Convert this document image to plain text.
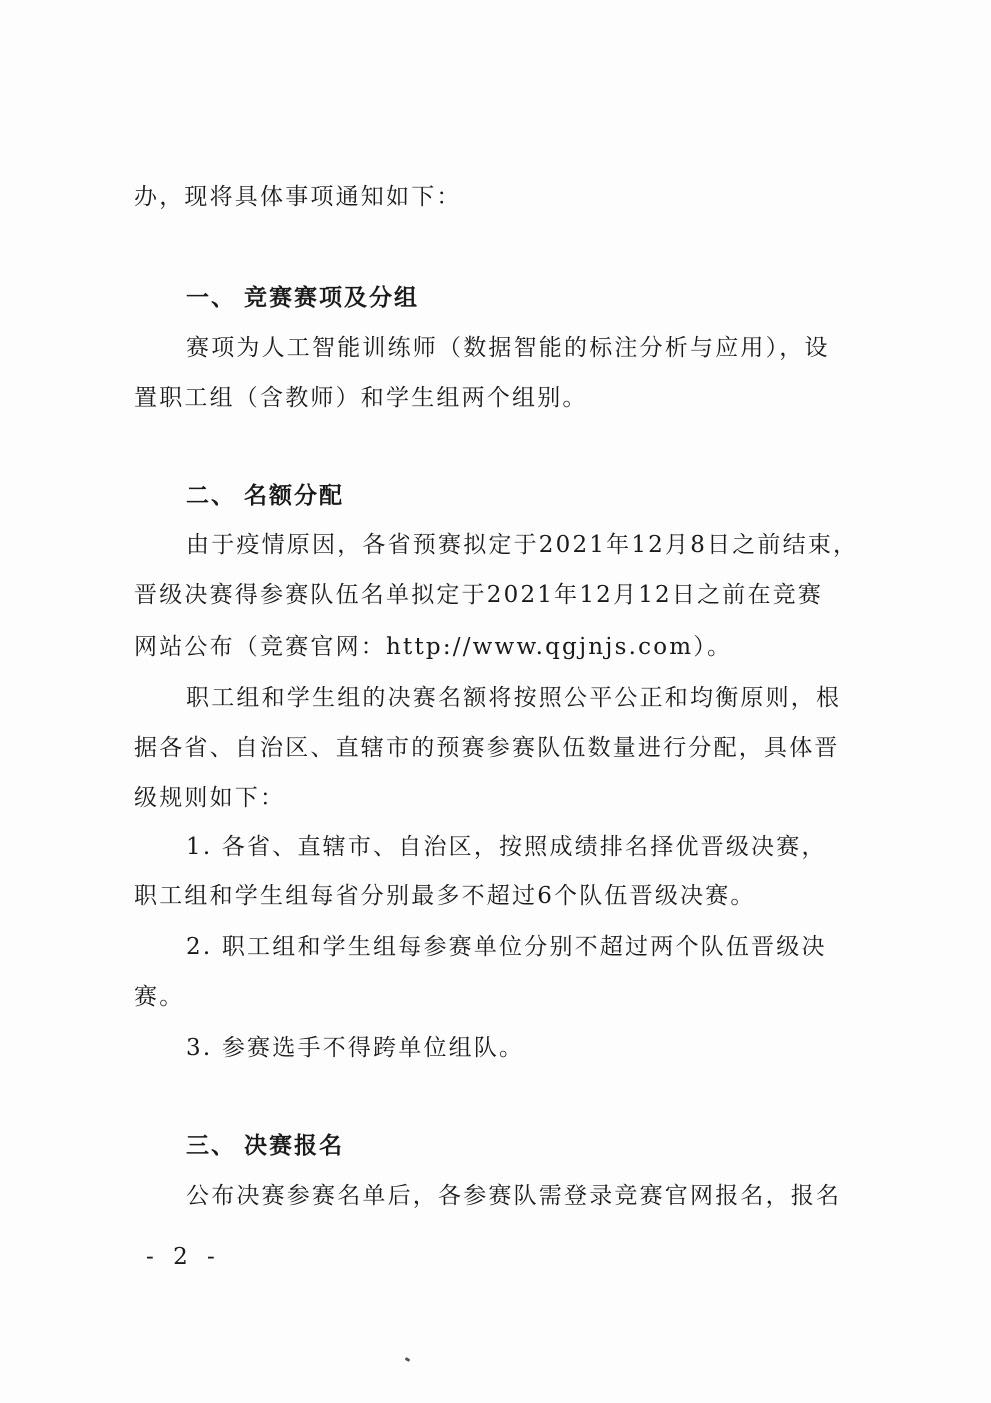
办，现将具体事项通知如下：
一、 竞赛赛项及分组
赛项为人工智能训练师（数据智能的标注分析与应用），设
置职工组（含教师）和学生组两个组别。
二、 名额分配
由于疫情原因，各省预赛拟定于2021年12月8日之前结束，
晋级决赛得参赛队伍名单拟定于2021年12月12日之前在竞赛
网站公布（竞赛官网：http://www.qgjnjs.com）。
职工组和学生组的决赛名额将按照公平公正和均衡原则，根
据各省、自治区、直辖市的预赛参赛队伍数量进行分配，具体晋
级规则如下：
1. 各省、直辖市、自治区，按照成绩排名择优晋级决赛，
职工组和学生组每省分别最多不超过6个队伍晋级决赛。
2. 职工组和学生组每参赛单位分别不超过两个队伍晋级决
赛。
3. 参赛选手不得跨单位组队。
三、 决赛报名
公布决赛参赛名单后，各参赛队需登录竞赛官网报名，报名
- 2 -
